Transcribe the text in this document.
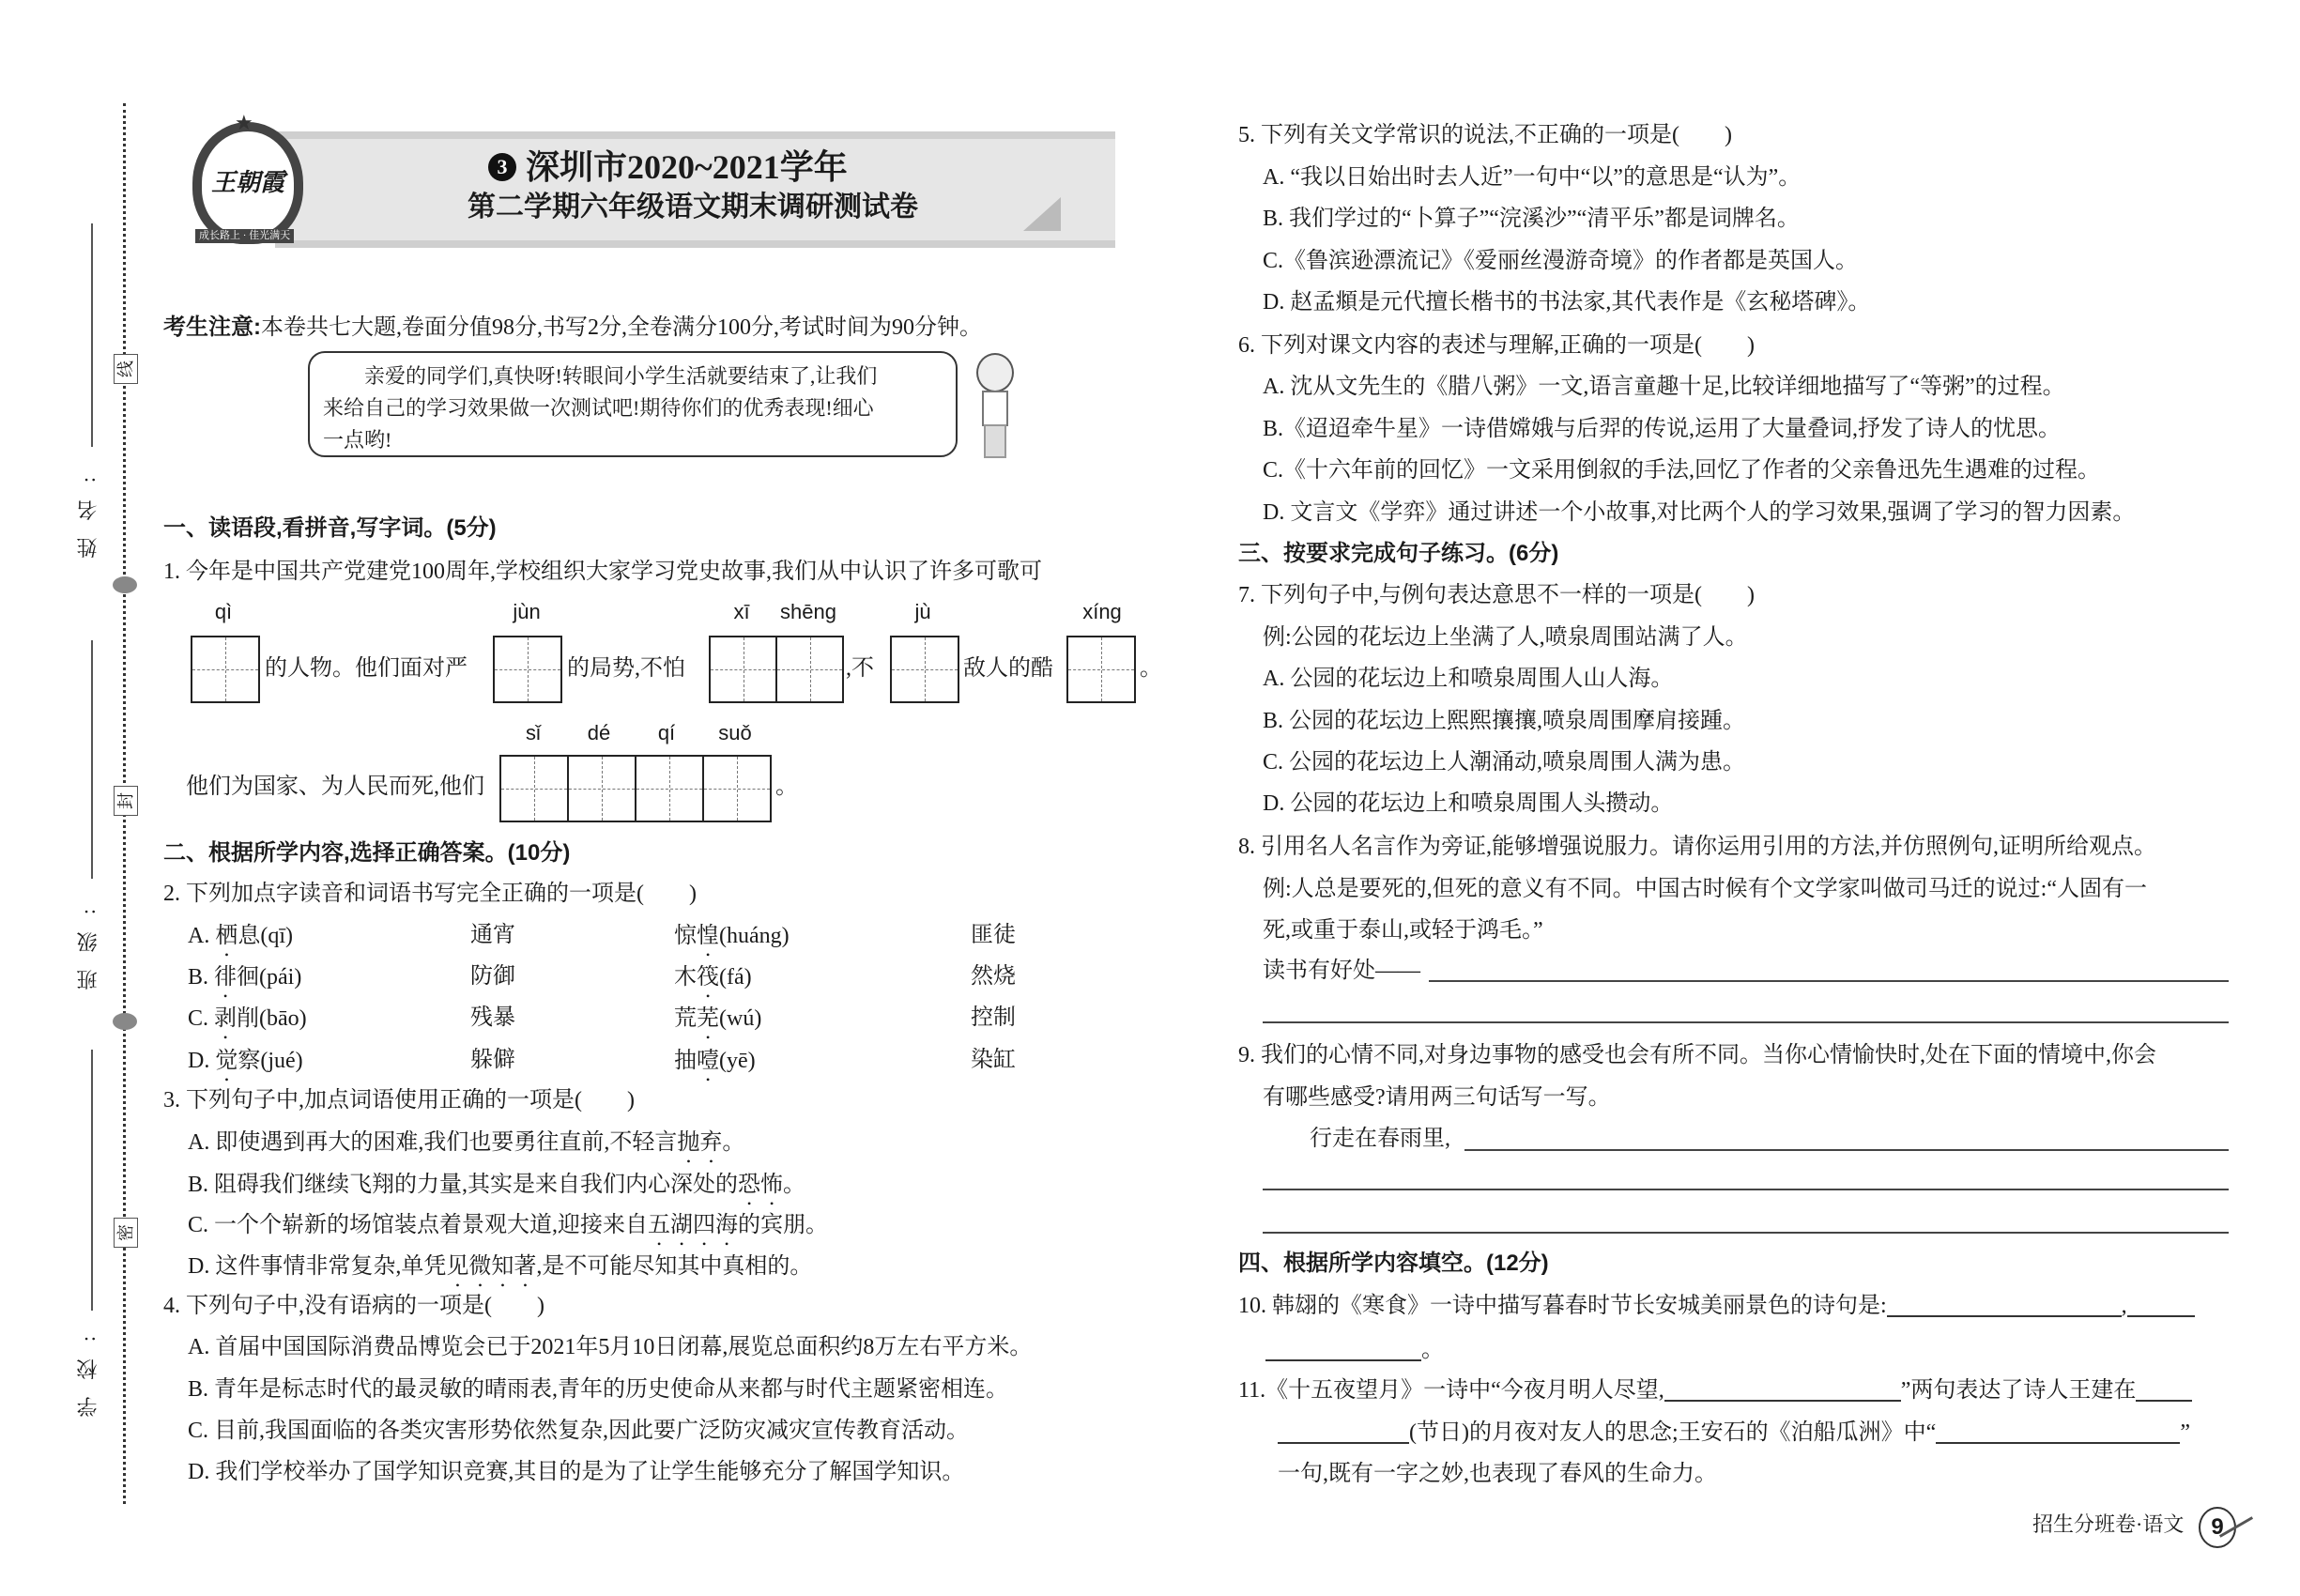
姓名:
班级:
学校:
线
封
密
王朝霞
★
成长路上 · 佳光满天
3 深圳市2020~2021学年
第二学期六年级语文期末调研测试卷
考生注意:本卷共七大题,卷面分值98分,书写2分,全卷满分100分,考试时间为90分钟。
亲爱的同学们,真快呀!转眼间小学生活就要结束了,让我们
来给自己的学习效果做一次测试吧!期待你们的优秀表现!细心
一点哟!
一、读语段,看拼音,写字词。(5分)
1. 今年是中国共产党建党100周年,学校组织大家学习党史故事,我们从中认识了许多可歌可
qì	jùn	xī shēng	jù	xíng
的人物。他们面对严	的局势,不怕	,不	敌人的酷	。
sǐ dé qí suǒ
他们为国家、为人民而死,他们	。
二、根据所学内容,选择正确答案。(10分)
2. 下列加点字读音和词语书写完全正确的一项是(　　)
A. 栖息(qī)	通宵	惊惶(huáng)	匪徒
B. 徘徊(pái)	防御	木筏(fá)	然烧
C. 剥削(bāo)	残暴	荒芜(wú)	控制
D. 觉察(jué)	躲僻	抽噎(yē)	染缸
3. 下列句子中,加点词语使用正确的一项是(　　)
A. 即使遇到再大的困难,我们也要勇往直前,不轻言抛弃。
B. 阻碍我们继续飞翔的力量,其实是来自我们内心深处的恐怖。
C. 一个个崭新的场馆装点着景观大道,迎接来自五湖四海的宾朋。
D. 这件事情非常复杂,单凭见微知著,是不可能尽知其中真相的。
4. 下列句子中,没有语病的一项是(　　)
A. 首届中国国际消费品博览会已于2021年5月10日闭幕,展览总面积约8万左右平方米。
B. 青年是标志时代的最灵敏的晴雨表,青年的历史使命从来都与时代主题紧密相连。
C. 目前,我国面临的各类灾害形势依然复杂,因此要广泛防灾减灾宣传教育活动。
D. 我们学校举办了国学知识竞赛,其目的是为了让学生能够充分了解国学知识。
5. 下列有关文学常识的说法,不正确的一项是(　　)
A. “我以日始出时去人近”一句中“以”的意思是“认为”。
B. 我们学过的“卜算子”“浣溪沙”“清平乐”都是词牌名。
C.《鲁滨逊漂流记》《爱丽丝漫游奇境》的作者都是英国人。
D. 赵孟頫是元代擅长楷书的书法家,其代表作是《玄秘塔碑》。
6. 下列对课文内容的表述与理解,正确的一项是(　　)
A. 沈从文先生的《腊八粥》一文,语言童趣十足,比较详细地描写了“等粥”的过程。
B.《迢迢牵牛星》一诗借嫦娥与后羿的传说,运用了大量叠词,抒发了诗人的忧思。
C.《十六年前的回忆》一文采用倒叙的手法,回忆了作者的父亲鲁迅先生遇难的过程。
D. 文言文《学弈》通过讲述一个小故事,对比两个人的学习效果,强调了学习的智力因素。
三、按要求完成句子练习。(6分)
7. 下列句子中,与例句表达意思不一样的一项是(　　)
例:公园的花坛边上坐满了人,喷泉周围站满了人。
A. 公园的花坛边上和喷泉周围人山人海。
B. 公园的花坛边上熙熙攘攘,喷泉周围摩肩接踵。
C. 公园的花坛边上人潮涌动,喷泉周围人满为患。
D. 公园的花坛边上和喷泉周围人头攒动。
8. 引用名人名言作为旁证,能够增强说服力。请你运用引用的方法,并仿照例句,证明所给观点。
例:人总是要死的,但死的意义有不同。中国古时候有个文学家叫做司马迁的说过:“人固有一
死,或重于泰山,或轻于鸿毛。”
读书有好处——
9. 我们的心情不同,对身边事物的感受也会有所不同。当你心情愉快时,处在下面的情境中,你会
有哪些感受?请用两三句话写一写。
行走在春雨里,
四、根据所学内容填空。(12分)
10. 韩翃的《寒食》一诗中描写暮春时节长安城美丽景色的诗句是:	,
。
11.《十五夜望月》一诗中“今夜月明人尽望,	”两句表达了诗人王建在
(节日)的月夜对友人的思念;王安石的《泊船瓜洲》中“	”
一句,既有一字之妙,也表现了春风的生命力。
招生分班卷·语文	9
